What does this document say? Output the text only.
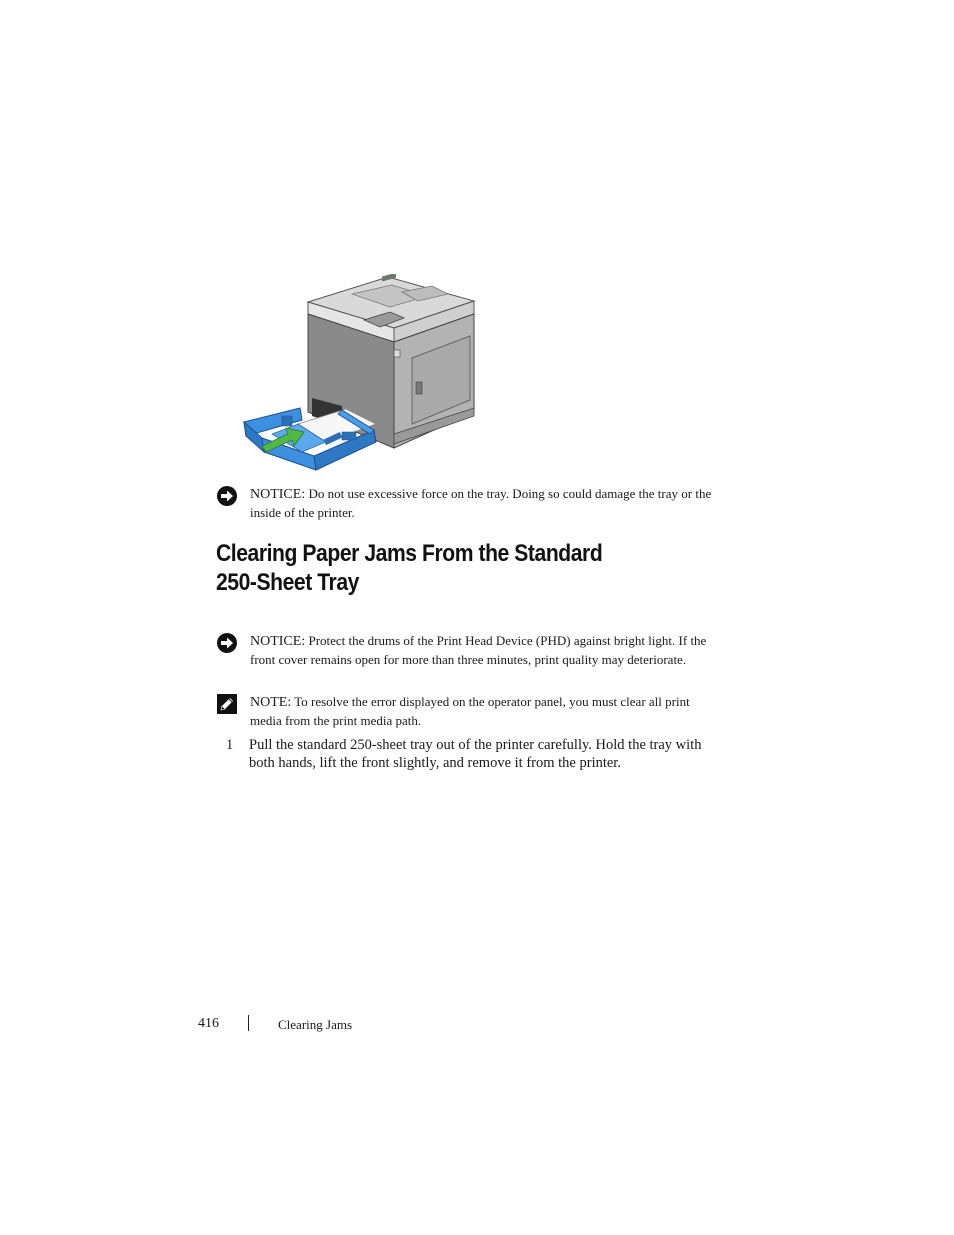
NOTICE: Do not use excessive force on the tray. Doing so could damage the tray or the inside of the printer.
Clearing Paper Jams From the Standard 250-Sheet Tray
NOTICE: Protect the drums of the Print Head Device (PHD) against bright light. If the front cover remains open for more than three minutes, print quality may deteriorate.
NOTE: To resolve the error displayed on the operator panel, you must clear all print media from the print media path.
1 Pull the standard 250-sheet tray out of the printer carefully. Hold the tray with both hands, lift the front slightly, and remove it from the printer.
416	Clearing Jams
